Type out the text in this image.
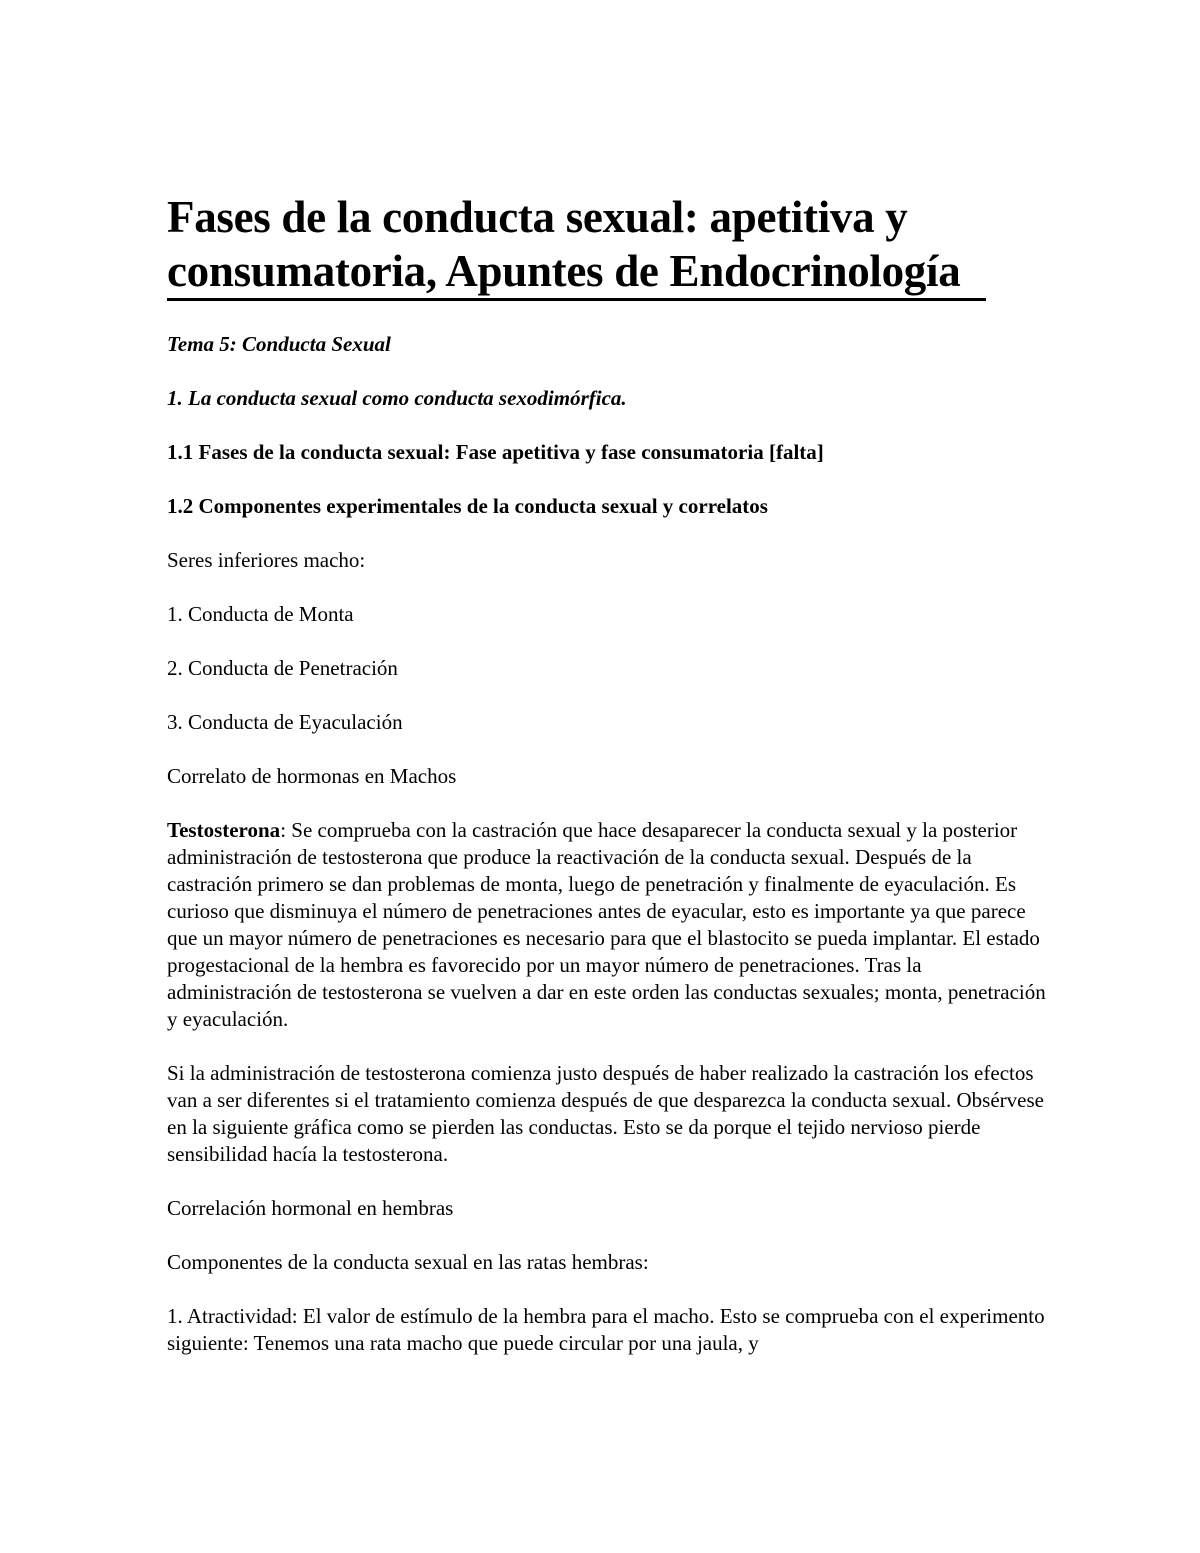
Fases de la conducta sexual: apetitiva y
consumatoria, Apuntes de Endocrinología

Tema 5: Conducta Sexual

1. La conducta sexual como conducta sexodimórfica.

1.1 Fases de la conducta sexual: Fase apetitiva y fase consumatoria [falta]

1.2 Componentes experimentales de la conducta sexual y correlatos

Seres inferiores macho:

1. Conducta de Monta

2. Conducta de Penetración

3. Conducta de Eyaculación

Correlato de hormonas en Machos

Testosterona: Se comprueba con la castración que hace desaparecer la conducta sexual y la posterior administración de testosterona que produce la reactivación de la conducta sexual. Después de la castración primero se dan problemas de monta, luego de penetración y finalmente de eyaculación. Es curioso que disminuya el número de penetraciones antes de eyacular, esto es importante ya que parece que un mayor número de penetraciones es necesario para que el blastocito se pueda implantar. El estado progestacional de la hembra es favorecido por un mayor número de penetraciones. Tras la administración de testosterona se vuelven a dar en este orden las conductas sexuales; monta, penetración y eyaculación.

Si la administración de testosterona comienza justo después de haber realizado la castración los efectos van a ser diferentes si el tratamiento comienza después de que desparezca la conducta sexual. Obsérvese en la siguiente gráfica como se pierden las conductas. Esto se da porque el tejido nervioso pierde sensibilidad hacía la testosterona.

Correlación hormonal en hembras

Componentes de la conducta sexual en las ratas hembras:

1. Atractividad: El valor de estímulo de la hembra para el macho. Esto se comprueba con el experimento siguiente: Tenemos una rata macho que puede circular por una jaula, y
